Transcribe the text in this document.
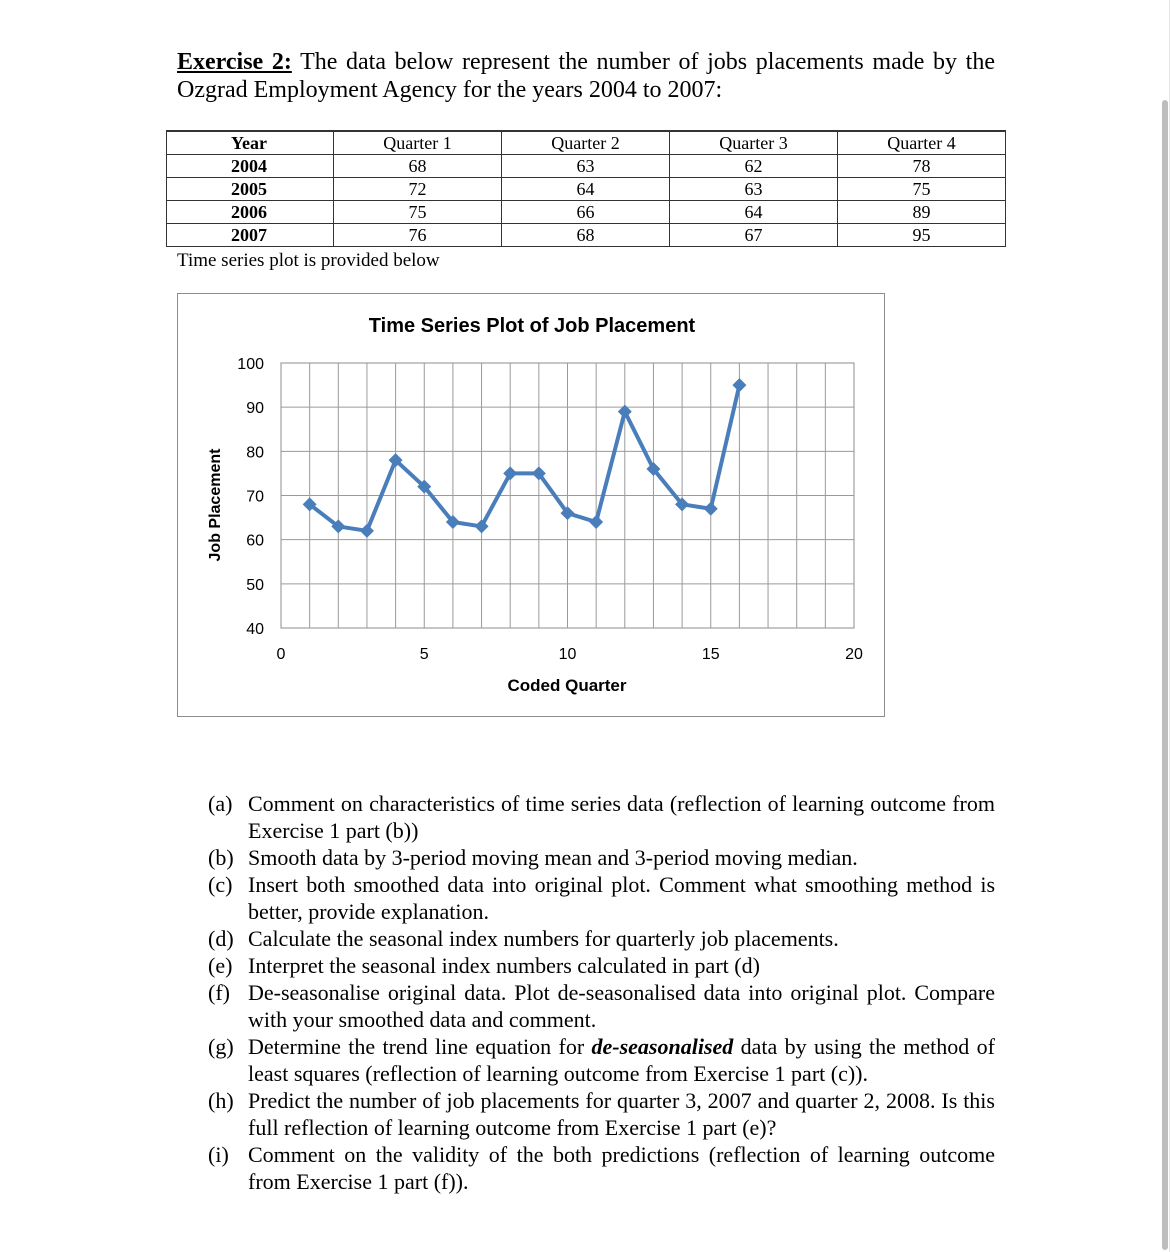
Exercise 2: The data below represent the number of jobs placements made by the Ozgrad Employment Agency for the years 2004 to 2007:
Year	Quarter 1	Quarter 2	Quarter 3	Quarter 4
2004	68	63	62	78
2005	72	64	63	75
2006	75	66	64	89
2007	76	68	67	95
Time series plot is provided below
Time Series Plot of Job Placement
Coded Quarter
Job Placement
100
90
80
70
60
50
40
0	5	10	15	20
(a) Comment on characteristics of time series data (reflection of learning outcome from Exercise 1 part (b))
(b) Smooth data by 3-period moving mean and 3-period moving median.
(c) Insert both smoothed data into original plot. Comment what smoothing method is better, provide explanation.
(d) Calculate the seasonal index numbers for quarterly job placements.
(e) Interpret the seasonal index numbers calculated in part (d)
(f) De-seasonalise original data. Plot de-seasonalised data into original plot. Compare with your smoothed data and comment.
(g) Determine the trend line equation for de-seasonalised data by using the method of least squares (reflection of learning outcome from Exercise 1 part (c)).
(h) Predict the number of job placements for quarter 3, 2007 and quarter 2, 2008. Is this full reflection of learning outcome from Exercise 1 part (e)?
(i) Comment on the validity of the both predictions (reflection of learning outcome from Exercise 1 part (f)).
